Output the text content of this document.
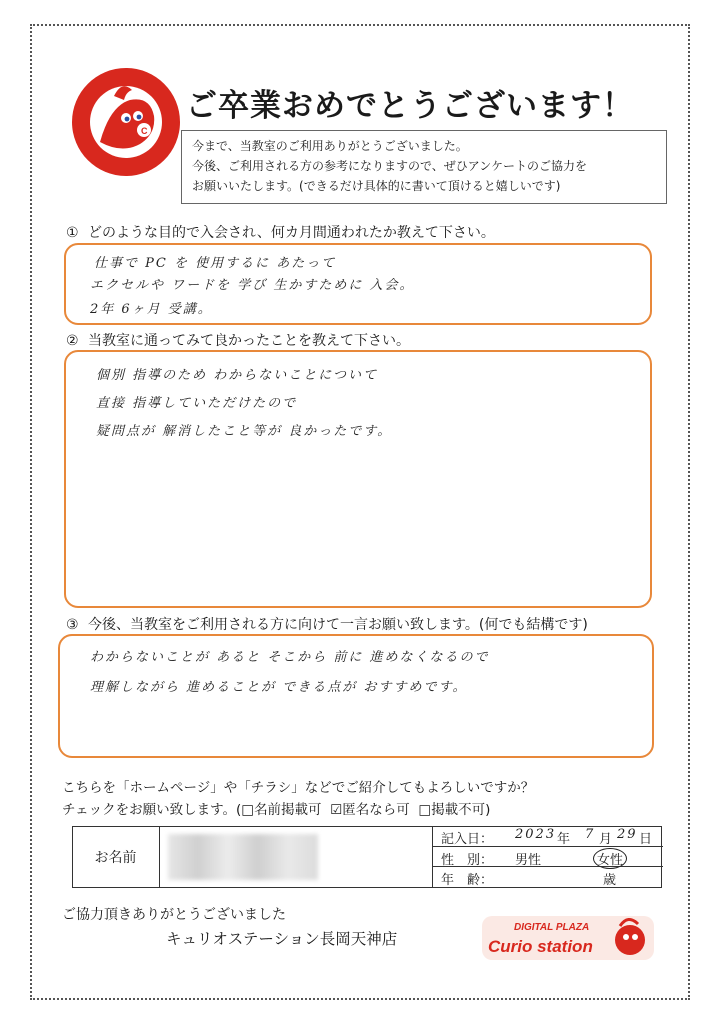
C
ご卒業おめでとうございます！
今まで、当教室のご利用ありがとうございました。
今後、ご利用される方の参考になりますので、ぜひアンケートのご協力を
お願いいたします。(できるだけ具体的に書いて頂けると嬉しいです)
① どのような目的で入会され、何カ月間通われたか教えて下さい。
仕事で PC を 使用するに あたって
エクセルや ワードを 学び 生かすために 入会。
2年 6ヶ月 受講。
② 当教室に通ってみて良かったことを教えて下さい。
個別 指導のため わからないことについて
直接 指導していただけたので
疑問点が 解消したこと等が 良かったです。
③ 今後、当教室をご利用される方に向けて一言お願い致します。(何でも結構です)
わからないことが あると そこから 前に 進めなくなるので
理解しながら 進めることが できる点が おすすめです。
こちらを「ホームページ」や「チラシ」などでご紹介してもよろしいですか？
チェックをお願い致します。(□名前掲載可 ☑匿名なら可 □掲載不可)
お名前
記入日： 2023 年 7 月 29 日
性　別： 男性	女性
年　齢：	歳
ご協力頂きありがとうございました
キュリオステーション長岡天神店
DIGITAL PLAZA
Curio station
